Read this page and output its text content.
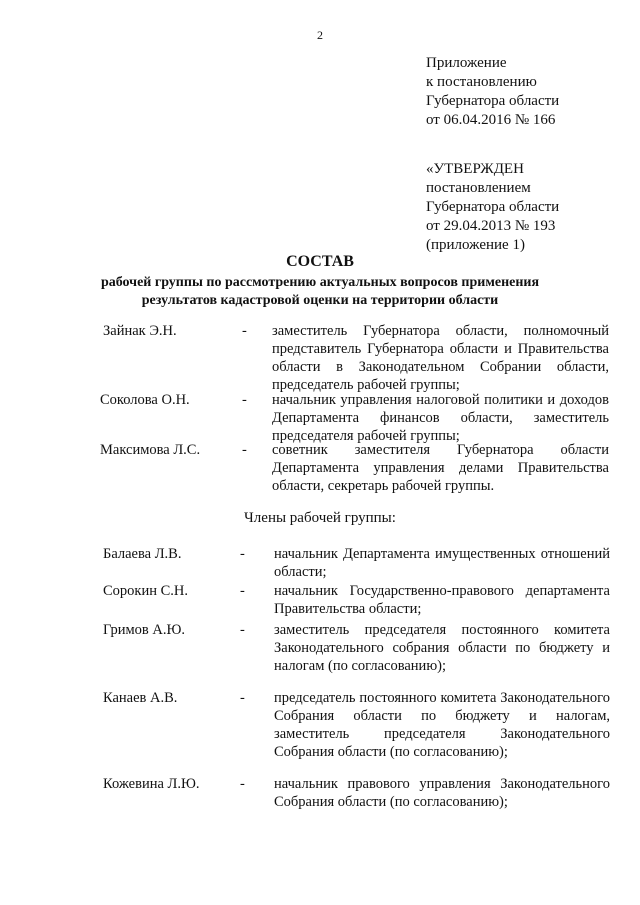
2
Приложение
к постановлению
Губернатора области
от 06.04.2016 № 166
«УТВЕРЖДЕН
постановлением
Губернатора области
от 29.04.2013 № 193
(приложение 1)
СОСТАВ
рабочей группы по рассмотрению актуальных вопросов применения результатов кадастровой оценки на территории области
Зайнак Э.Н.	- заместитель Губернатора области, полномочный представитель Губернатора области и Правительства области в Законодательном Собрании области, председатель рабочей группы;
Соколова О.Н.	- начальник управления налоговой политики и доходов Департамента финансов области, заместитель председателя рабочей группы;
Максимова Л.С.	- советник заместителя Губернатора области Департамента управления делами Правительства области, секретарь рабочей группы.
Члены рабочей группы:
Балаева Л.В.	- начальник Департамента имущественных отношений области;
Сорокин С.Н.	- начальник Государственно-правового департамента Правительства области;
Гримов А.Ю.	- заместитель председателя постоянного комитета Законодательного собрания области по бюджету и налогам (по согласованию);
Канаев А.В.	- председатель постоянного комитета Законодательного Собрания области по бюджету и налогам, заместитель председателя Законодательного Собрания области (по согласованию);
Кожевина Л.Ю.	- начальник правового управления Законодательного Собрания области (по согласованию);
